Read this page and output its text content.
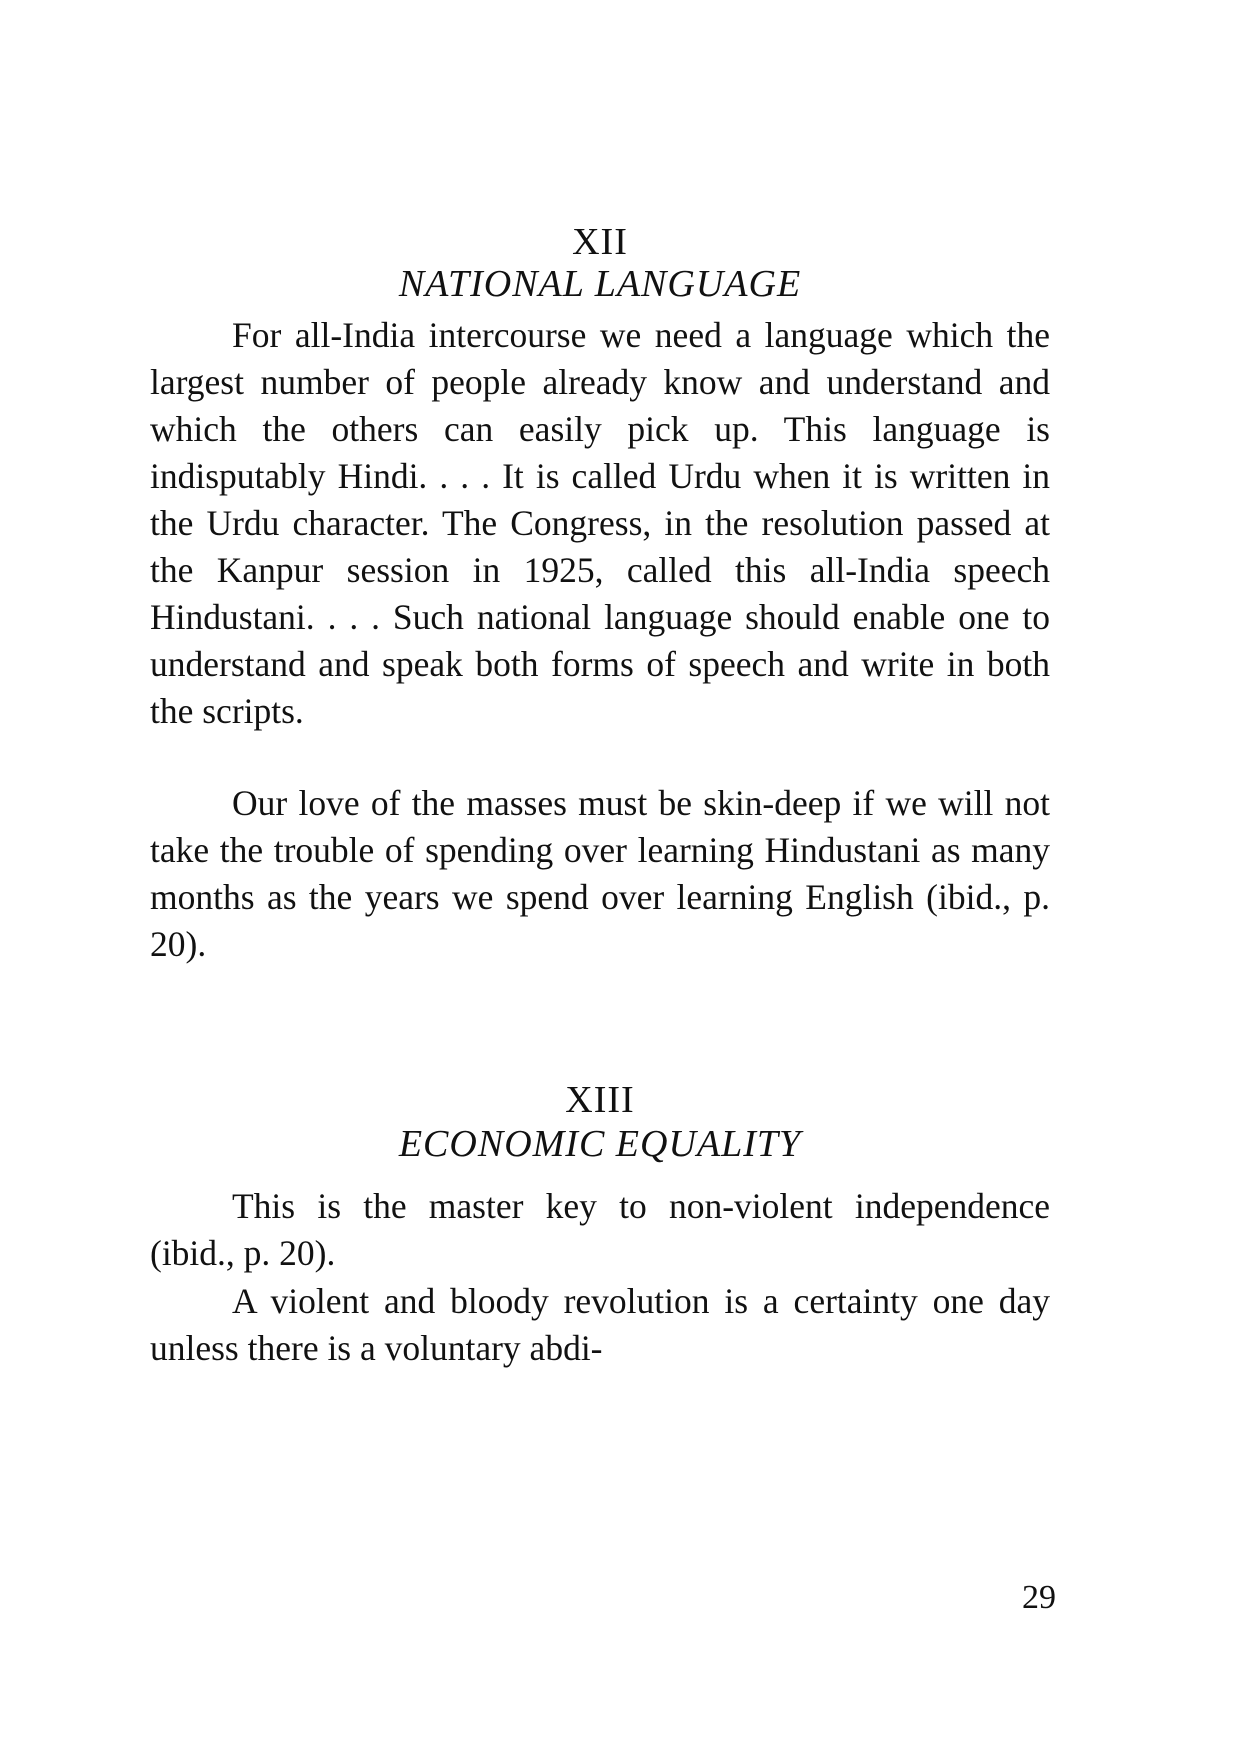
XII
NATIONAL LANGUAGE

For all-India intercourse we need a language which the largest number of people already know and understand and which the others can easily pick up. This language is indisputably Hindi. . . . It is called Urdu when it is written in the Urdu character. The Congress, in the resolution passed at the Kanpur session in 1925, called this all-India speech Hindustani. . . . Such national language should enable one to understand and speak both forms of speech and write in both the scripts.

Our love of the masses must be skin-deep if we will not take the trouble of spending over learning Hindustani as many months as the years we spend over learning English (ibid., p. 20).

XIII
ECONOMIC EQUALITY

This is the master key to non-violent independence (ibid., p. 20).

A violent and bloody revolution is a certainty one day unless there is a voluntary abdi-

29
